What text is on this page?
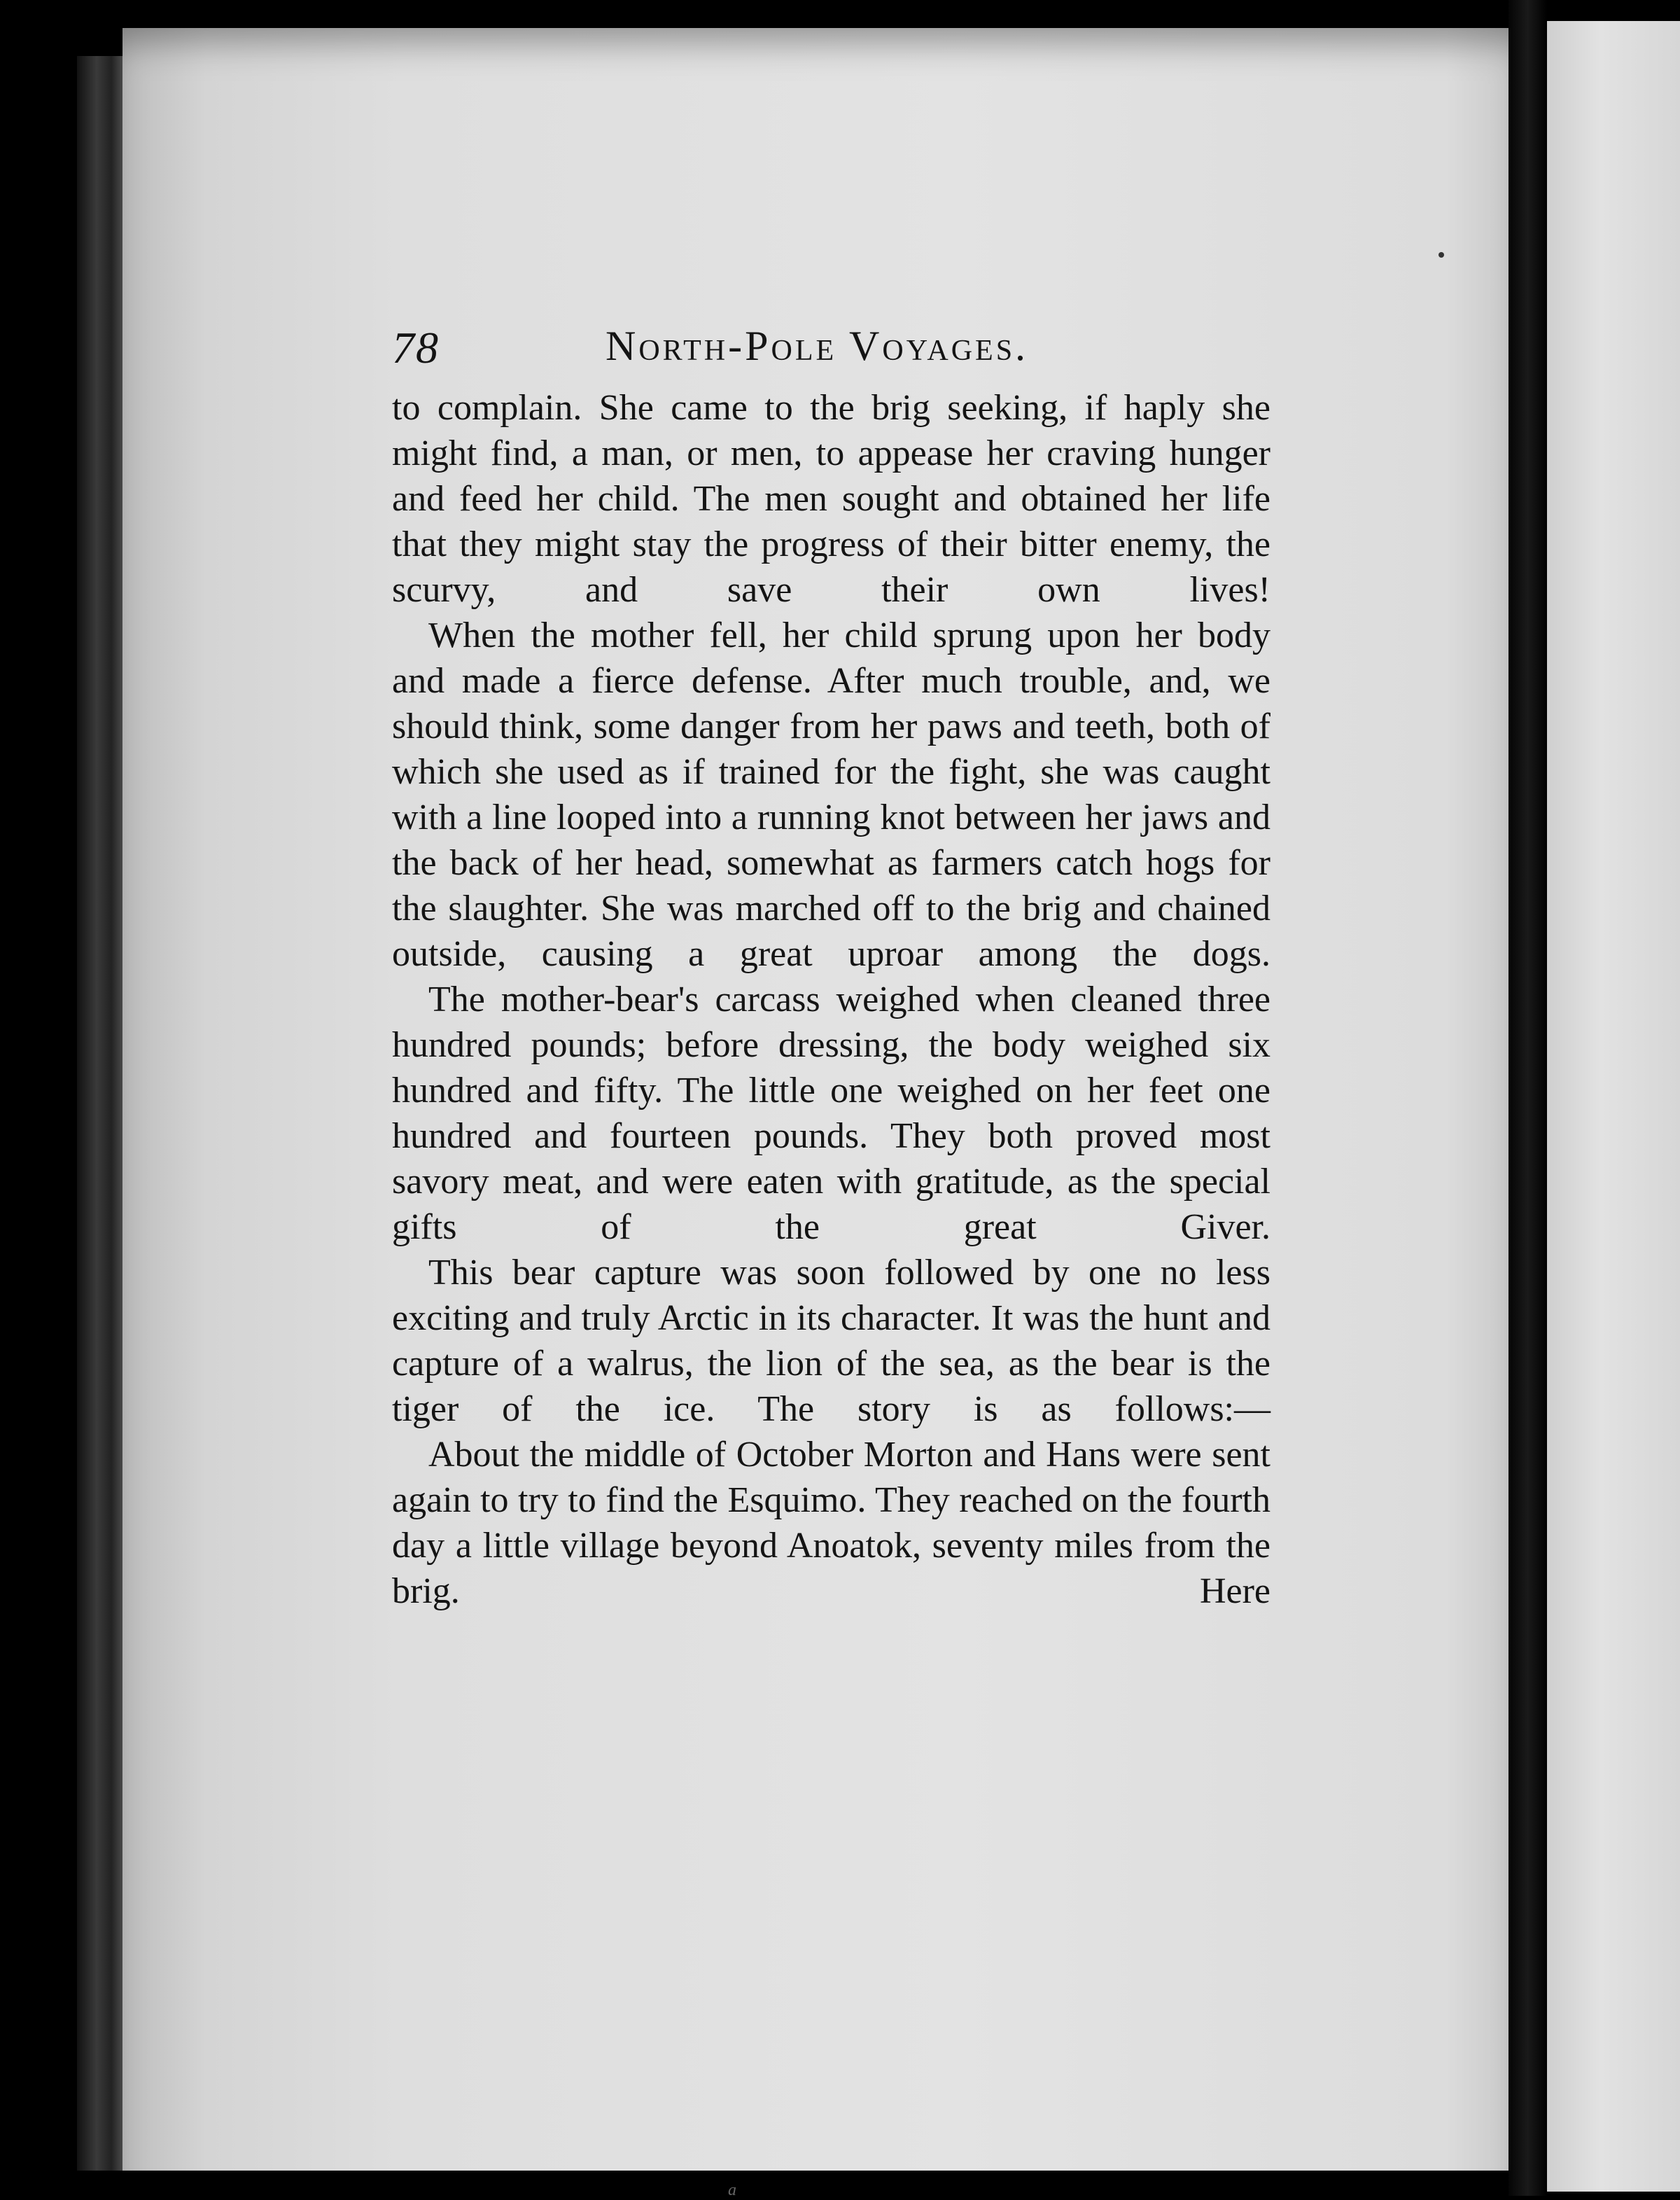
78	North-Pole Voyages.

to complain. She came to the brig seeking, if haply she might find, a man, or men, to appease her craving hunger and feed her child. The men sought and obtained her life that they might stay the progress of their bitter enemy, the scurvy, and save their own lives!

When the mother fell, her child sprung upon her body and made a fierce defense. After much trouble, and, we should think, some danger from her paws and teeth, both of which she used as if trained for the fight, she was caught with a line looped into a running knot between her jaws and the back of her head, somewhat as farmers catch hogs for the slaughter. She was marched off to the brig and chained outside, causing a great uproar among the dogs.

The mother-bear's carcass weighed when cleaned three hundred pounds; before dressing, the body weighed six hundred and fifty. The little one weighed on her feet one hundred and fourteen pounds. They both proved most savory meat, and were eaten with gratitude, as the special gifts of the great Giver.

This bear capture was soon followed by one no less exciting and truly Arctic in its character. It was the hunt and capture of a walrus, the lion of the sea, as the bear is the tiger of the ice. The story is as follows:—

About the middle of October Morton and Hans were sent again to try to find the Esquimo. They reached on the fourth day a little village beyond Anoatok, seventy miles from the brig. Here

a
